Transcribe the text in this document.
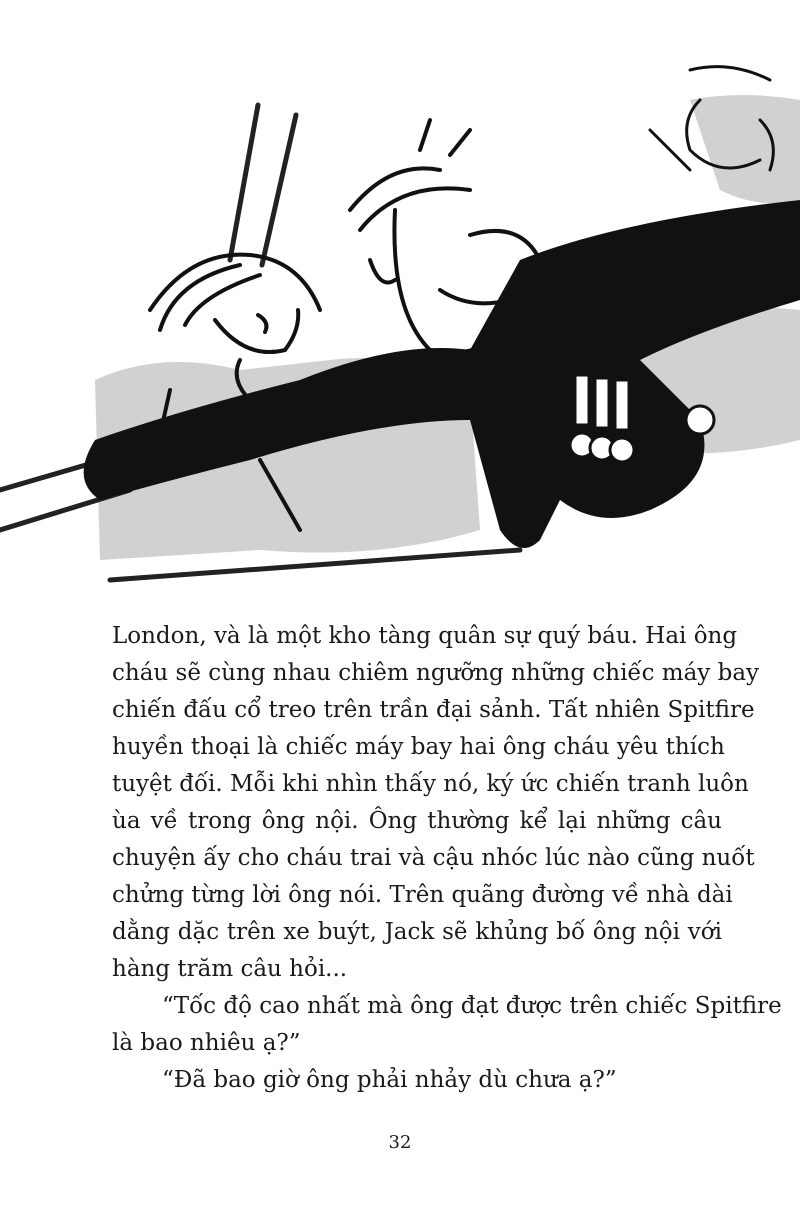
London, và là một kho tàng quân sự quý báu. Hai ông
cháu sẽ cùng nhau chiêm ngưỡng những chiếc máy bay
chiến đấu cổ treo trên trần đại sảnh. Tất nhiên Spitfire
huyền thoại là chiếc máy bay hai ông cháu yêu thích
tuyệt đối. Mỗi khi nhìn thấy nó, ký ức chiến tranh luôn
ùa về trong ông nội. Ông thường kể lại những câu
chuyện ấy cho cháu trai và cậu nhóc lúc nào cũng nuốt
chửng từng lời ông nói. Trên quãng đường về nhà dài
dằng dặc trên xe buýt, Jack sẽ khủng bố ông nội với
hàng trăm câu hỏi...
“Tốc độ cao nhất mà ông đạt được trên chiếc Spitfire
là bao nhiêu ạ?”
“Đã bao giờ ông phải nhảy dù chưa ạ?”
32
